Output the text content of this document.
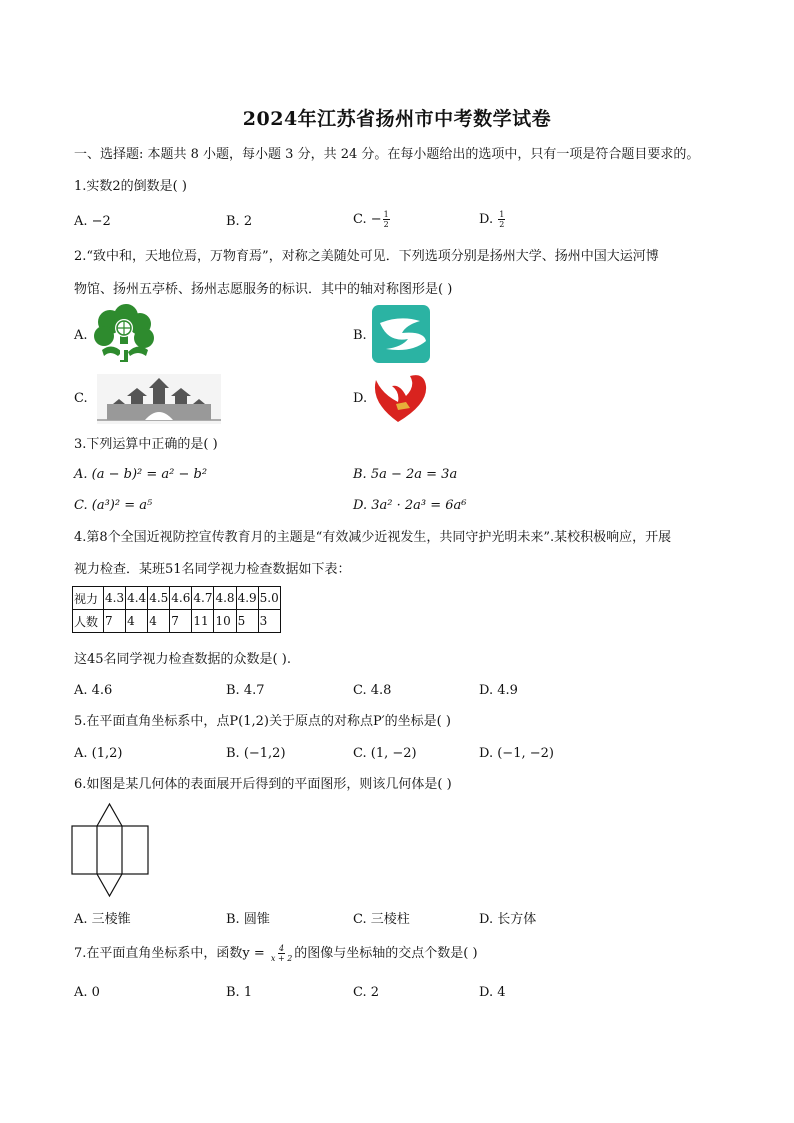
2024年江苏省扬州市中考数学试卷
一、选择题: 本题共 8 小题，每小题 3 分，共 24 分。在每小题给出的选项中，只有一项是符合题目要求的。
1.实数2的倒数是( )
A. −2	B. 2	C. − $\frac{1}{2}$	D. $\frac{1}{2}$
2.“致中和，天地位焉，万物育焉”，对称之美随处可见．下列选项分别是扬州大学、扬州中国大运河博
物馆、扬州五亭桥、扬州志愿服务的标识．其中的轴对称图形是( )
A.	B.
C.	D.
3.下列运算中正确的是( )
A. (a − b)² = a² − b²	B. 5a − 2a = 3a
C. (a³)² = a⁵	D. 3a² · 2a³ = 6a⁶
4.第8个全国近视防控宣传教育月的主题是“有效减少近视发生，共同守护光明未来”.某校积极响应，开展
视力检查．某班51名同学视力检查数据如下表：
视力	4.3	4.4	4.5	4.6	4.7	4.8	4.9	5.0
人数	7	4	4	7	11	10	5	3
这45名同学视力检查数据的众数是( ).
A. 4.6	B. 4.7	C. 4.8	D. 4.9
5.在平面直角坐标系中，点P(1,2)关于原点的对称点P′的坐标是( )
A. (1,2)	B. (−1,2)	C. (1, −2)	D. (−1, −2)
6.如图是某几何体的表面展开后得到的平面图形，则该几何体是( )
A. 三棱锥	B. 圆锥	C. 三棱柱	D. 长方体
7.在平面直角坐标系中，函数$y = \frac{4}{x + 2}$ 的图像与坐标轴的交点个数是( )
A. 0	B. 1	C. 2	D. 4
